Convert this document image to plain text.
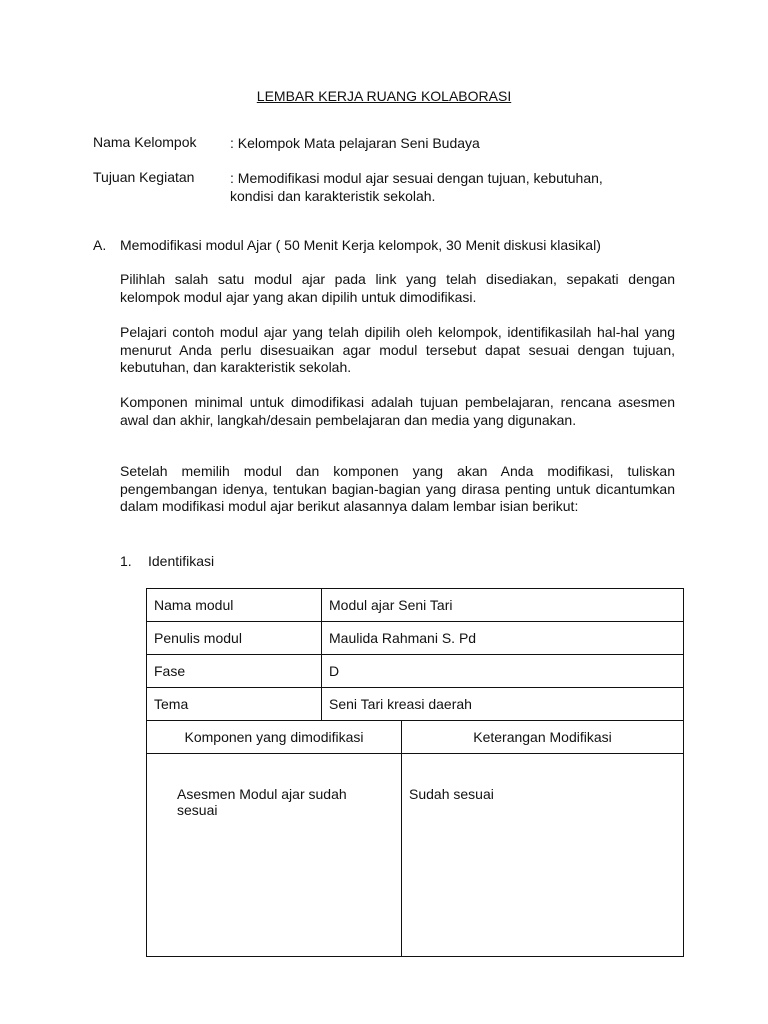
LEMBAR KERJA RUANG KOLABORASI
Nama Kelompok : Kelompok Mata pelajaran Seni Budaya
Tujuan Kegiatan	: Memodifikasi modul ajar sesuai dengan tujuan, kebutuhan, kondisi dan karakteristik sekolah.
A. Memodifikasi modul Ajar ( 50 Menit Kerja kelompok, 30 Menit diskusi klasikal)
Pilihlah salah satu modul ajar pada link yang telah disediakan, sepakati dengan kelompok modul ajar yang akan dipilih untuk dimodifikasi.
Pelajari contoh modul ajar yang telah dipilih oleh kelompok, identifikasilah hal-hal yang menurut Anda perlu disesuaikan agar modul tersebut dapat sesuai dengan tujuan, kebutuhan, dan karakteristik sekolah.
Komponen minimal untuk dimodifikasi adalah tujuan pembelajaran, rencana asesmen awal dan akhir, langkah/desain pembelajaran dan media yang digunakan.
Setelah memilih modul dan komponen yang akan Anda modifikasi, tuliskan pengembangan idenya, tentukan bagian-bagian yang dirasa penting untuk dicantumkan dalam modifikasi modul ajar berikut alasannya dalam lembar isian berikut:
1. Identifikasi
Nama modul	Modul ajar Seni Tari
Penulis modul	Maulida Rahmani S. Pd
Fase	D
Tema	Seni Tari kreasi daerah
Komponen yang dimodifikasi	Keterangan Modifikasi
Asesmen Modul ajar sudah sesuai	Sudah sesuai
